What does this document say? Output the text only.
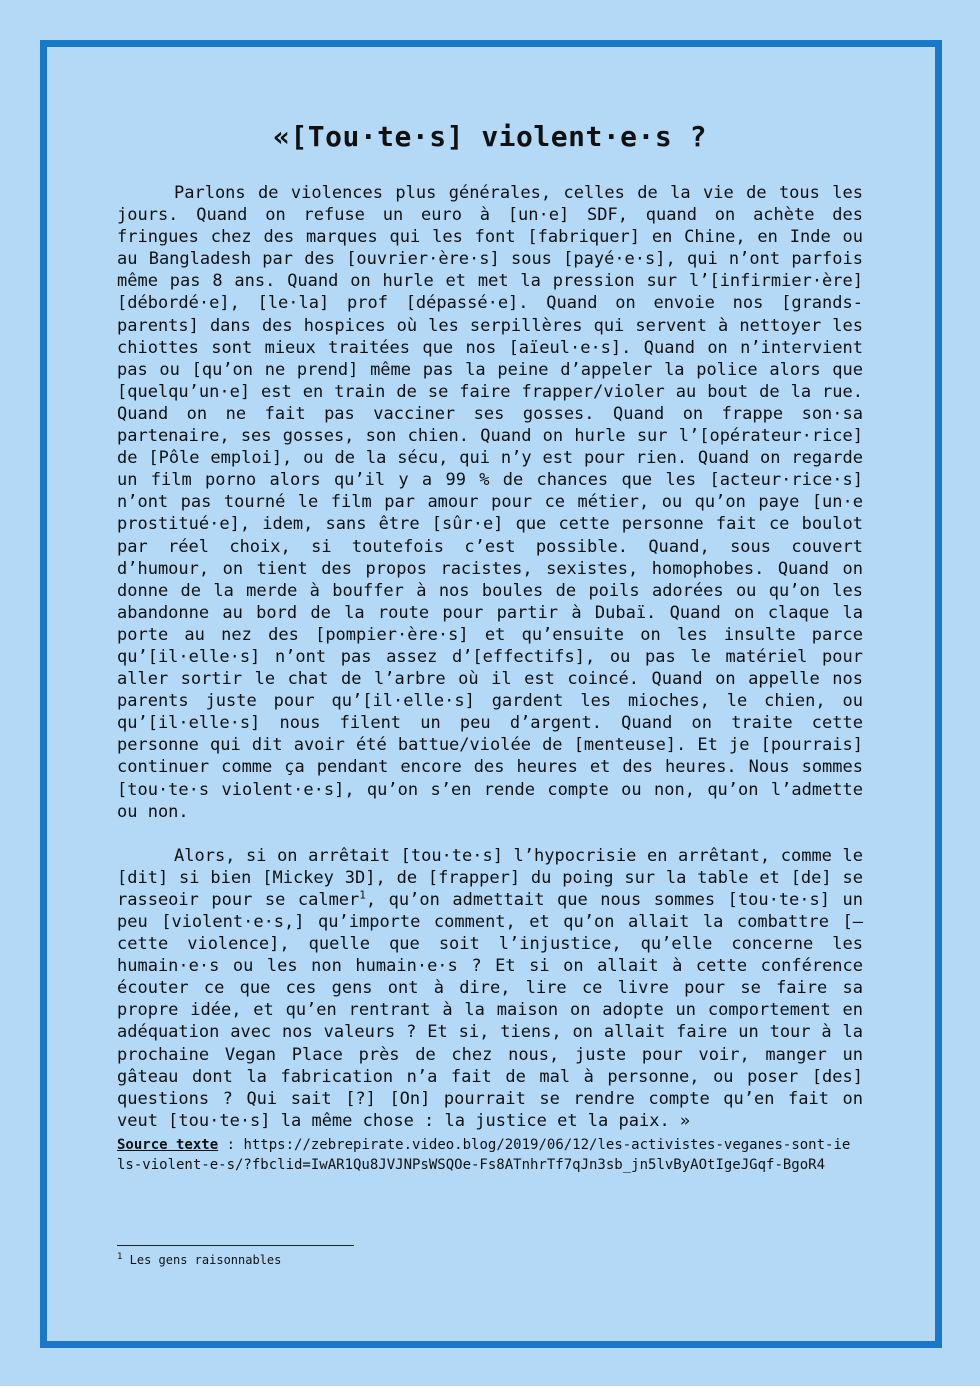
«[Tou·te·s] violent·e·s ?

Parlons de violences plus générales, celles de la vie de tous les jours. Quand on refuse un euro à [un·e] SDF, quand on achète des fringues chez des marques qui les font [fabriquer] en Chine, en Inde ou au Bangladesh par des [ouvrier·ère·s] sous [payé·e·s], qui n’ont parfois même pas 8 ans. Quand on hurle et met la pression sur l’[infirmier·ère] [débordé·e], [le·la] prof [dépassé·e]. Quand on envoie nos [grands-parents] dans des hospices où les serpillères qui servent à nettoyer les chiottes sont mieux traitées que nos [aïeul·e·s]. Quand on n’intervient pas ou [qu’on ne prend] même pas la peine d’appeler la police alors que [quelqu’un·e] est en train de se faire frapper/violer au bout de la rue. Quand on ne fait pas vacciner ses gosses. Quand on frappe son·sa partenaire, ses gosses, son chien. Quand on hurle sur l’[opérateur·rice] de [Pôle emploi], ou de la sécu, qui n’y est pour rien. Quand on regarde un film porno alors qu’il y a 99 % de chances que les [acteur·rice·s] n’ont pas tourné le film par amour pour ce métier, ou qu’on paye [un·e prostitué·e], idem, sans être [sûr·e] que cette personne fait ce boulot par réel choix, si toutefois c’est possible. Quand, sous couvert d’humour, on tient des propos racistes, sexistes, homophobes. Quand on donne de la merde à bouffer à nos boules de poils adorées ou qu’on les abandonne au bord de la route pour partir à Dubaï. Quand on claque la porte au nez des [pompier·ère·s] et qu’ensuite on les insulte parce qu’[il·elle·s] n’ont pas assez d’[effectifs], ou pas le matériel pour aller sortir le chat de l’arbre où il est coincé. Quand on appelle nos parents juste pour qu’[il·elle·s] gardent les mioches, le chien, ou qu’[il·elle·s] nous filent un peu d’argent. Quand on traite cette personne qui dit avoir été battue/violée de [menteuse]. Et je [pourrais] continuer comme ça pendant encore des heures et des heures. Nous sommes [tou·te·s violent·e·s], qu’on s’en rende compte ou non, qu’on l’admette ou non.

Alors, si on arrêtait [tou·te·s] l’hypocrisie en arrêtant, comme le [dit] si bien [Mickey 3D], de [frapper] du poing sur la table et [de] se rasseoir pour se calmer$^1$, qu’on admettait que nous sommes [tou·te·s] un peu [violent·e·s,] qu’importe comment, et qu’on allait la combattre [— cette violence], quelle que soit l’injustice, qu’elle concerne les humain·e·s ou les non humain·e·s ? Et si on allait à cette conférence écouter ce que ces gens ont à dire, lire ce livre pour se faire sa propre idée, et qu’en rentrant à la maison on adopte un comportement en adéquation avec nos valeurs ? Et si, tiens, on allait faire un tour à la prochaine Vegan Place près de chez nous, juste pour voir, manger un gâteau dont la fabrication n’a fait de mal à personne, ou poser [des] questions ? Qui sait [?] [On] pourrait se rendre compte qu’en fait on veut [tou·te·s] la même chose : la justice et la paix. »

Source texte : https://zebrepirate.video.blog/2019/06/12/les-activistes-veganes-sont-iels-violent-e-s/?fbclid=IwAR1Qu8JVJNPsWSQOe-Fs8ATnhrTf7qJn3sb_jn5lvByAOtIgeJGqf-BgoR4
$^1$ Les gens raisonnables
